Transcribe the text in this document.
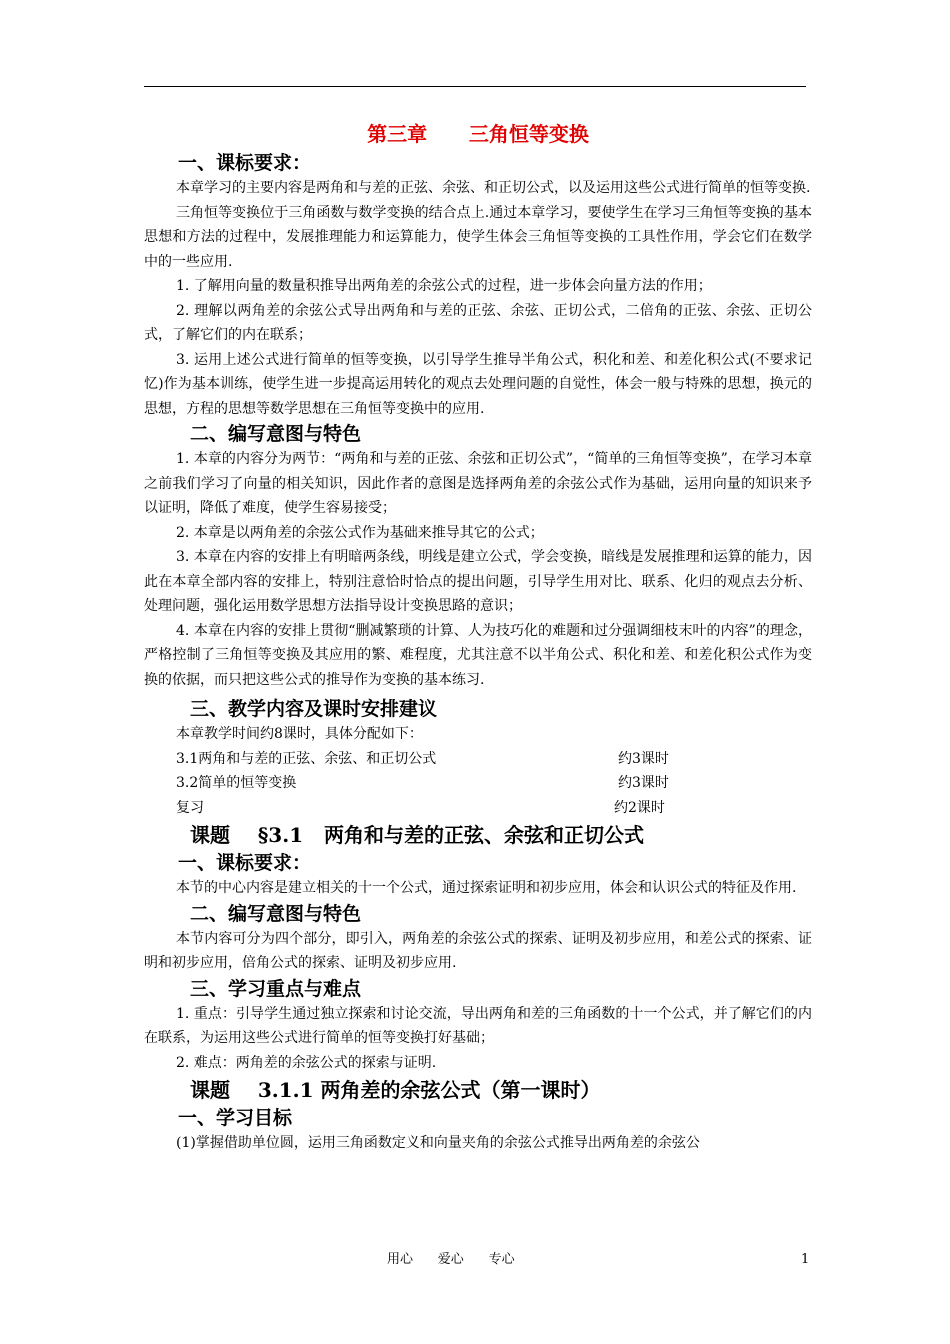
第三章      三角恒等变换
一、课标要求：

本章学习的主要内容是两角和与差的正弦、余弦、和正切公式，以及运用这些公式进行简单的恒等变换.

三角恒等变换位于三角函数与数学变换的结合点上.通过本章学习，要使学生在学习三角恒等变换的基本思想和方法的过程中，发展推理能力和运算能力，使学生体会三角恒等变换的工具性作用，学会它们在数学中的一些应用.

1. 了解用向量的数量积推导出两角差的余弦公式的过程，进一步体会向量方法的作用；

2. 理解以两角差的余弦公式导出两角和与差的正弦、余弦、正切公式，二倍角的正弦、余弦、正切公式，了解它们的内在联系；

3. 运用上述公式进行简单的恒等变换，以引导学生推导半角公式，积化和差、和差化积公式(不要求记忆)作为基本训练，使学生进一步提高运用转化的观点去处理问题的自觉性，体会一般与特殊的思想，换元的思想，方程的思想等数学思想在三角恒等变换中的应用.

二、编写意图与特色

1. 本章的内容分为两节：“两角和与差的正弦、余弦和正切公式”，“简单的三角恒等变换”，在学习本章之前我们学习了向量的相关知识，因此作者的意图是选择两角差的余弦公式作为基础，运用向量的知识来予以证明，降低了难度，使学生容易接受；

2. 本章是以两角差的余弦公式作为基础来推导其它的公式；

3. 本章在内容的安排上有明暗两条线，明线是建立公式，学会变换，暗线是发展推理和运算的能力，因此在本章全部内容的安排上，特别注意恰时恰点的提出问题，引导学生用对比、联系、化归的观点去分析、处理问题，强化运用数学思想方法指导设计变换思路的意识；

4. 本章在内容的安排上贯彻“删减繁琐的计算、人为技巧化的难题和过分强调细枝末叶的内容”的理念，严格控制了三角恒等变换及其应用的繁、难程度，尤其注意不以半角公式、积化和差、和差化积公式作为变换的依据，而只把这些公式的推导作为变换的基本练习.

三、教学内容及课时安排建议

本章教学时间约8课时，具体分配如下：

3.1两角和与差的正弦、余弦、和正切公式	约3课时
3.2简单的恒等变换	约3课时
复习	约2课时
课题    §3.1   两角和与差的正弦、余弦和正切公式
一、课标要求：

本节的中心内容是建立相关的十一个公式，通过探索证明和初步应用，体会和认识公式的特征及作用.

二、编写意图与特色

本节内容可分为四个部分，即引入，两角差的余弦公式的探索、证明及初步应用，和差公式的探索、证明和初步应用，倍角公式的探索、证明及初步应用.

三、学习重点与难点

1. 重点：引导学生通过独立探索和讨论交流，导出两角和差的三角函数的十一个公式，并了解它们的内在联系，为运用这些公式进行简单的恒等变换打好基础；

2. 难点：两角差的余弦公式的探索与证明.

课题    3.1.1 两角差的余弦公式（第一课时）
一、学习目标

(1)掌握借助单位圆，运用三角函数定义和向量夹角的余弦公式推导出两角差的余弦公

用心      爱心      专心	1
